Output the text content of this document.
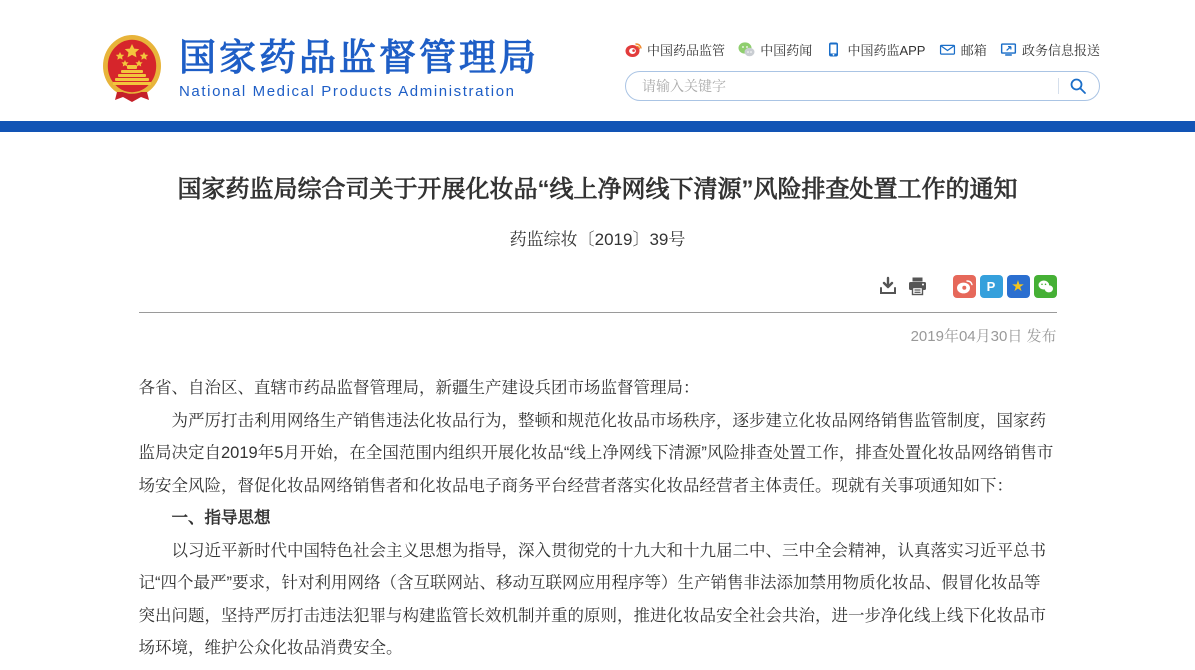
国家药品监督管理局
National Medical Products Administration
中国药品监管	中国药闻	中国药监APP	邮箱	政务信息报送
请输入关键字
国家药监局综合司关于开展化妆品“线上净网线下清源”风险排查处置工作的通知
药监综妆〔2019〕39号
P ★
2019年04月30日 发布

各省、自治区、直辖市药品监督管理局，新疆生产建设兵团市场监督管理局：

为严厉打击利用网络生产销售违法化妆品行为，整顿和规范化妆品市场秩序，逐步建立化妆品网络销售监管制度，国家药监局决定自2019年5月开始，在全国范围内组织开展化妆品“线上净网线下清源”风险排查处置工作，排查处置化妆品网络销售市场安全风险，督促化妆品网络销售者和化妆品电子商务平台经营者落实化妆品经营者主体责任。现就有关事项通知如下：

一、指导思想

以习近平新时代中国特色社会主义思想为指导，深入贯彻党的十九大和十九届二中、三中全会精神，认真落实习近平总书记“四个最严”要求，针对利用网络（含互联网站、移动互联网应用程序等）生产销售非法添加禁用物质化妆品、假冒化妆品等突出问题，坚持严厉打击违法犯罪与构建监管长效机制并重的原则，推进化妆品安全社会共治，进一步净化线上线下化妆品市场环境，维护公众化妆品消费安全。
